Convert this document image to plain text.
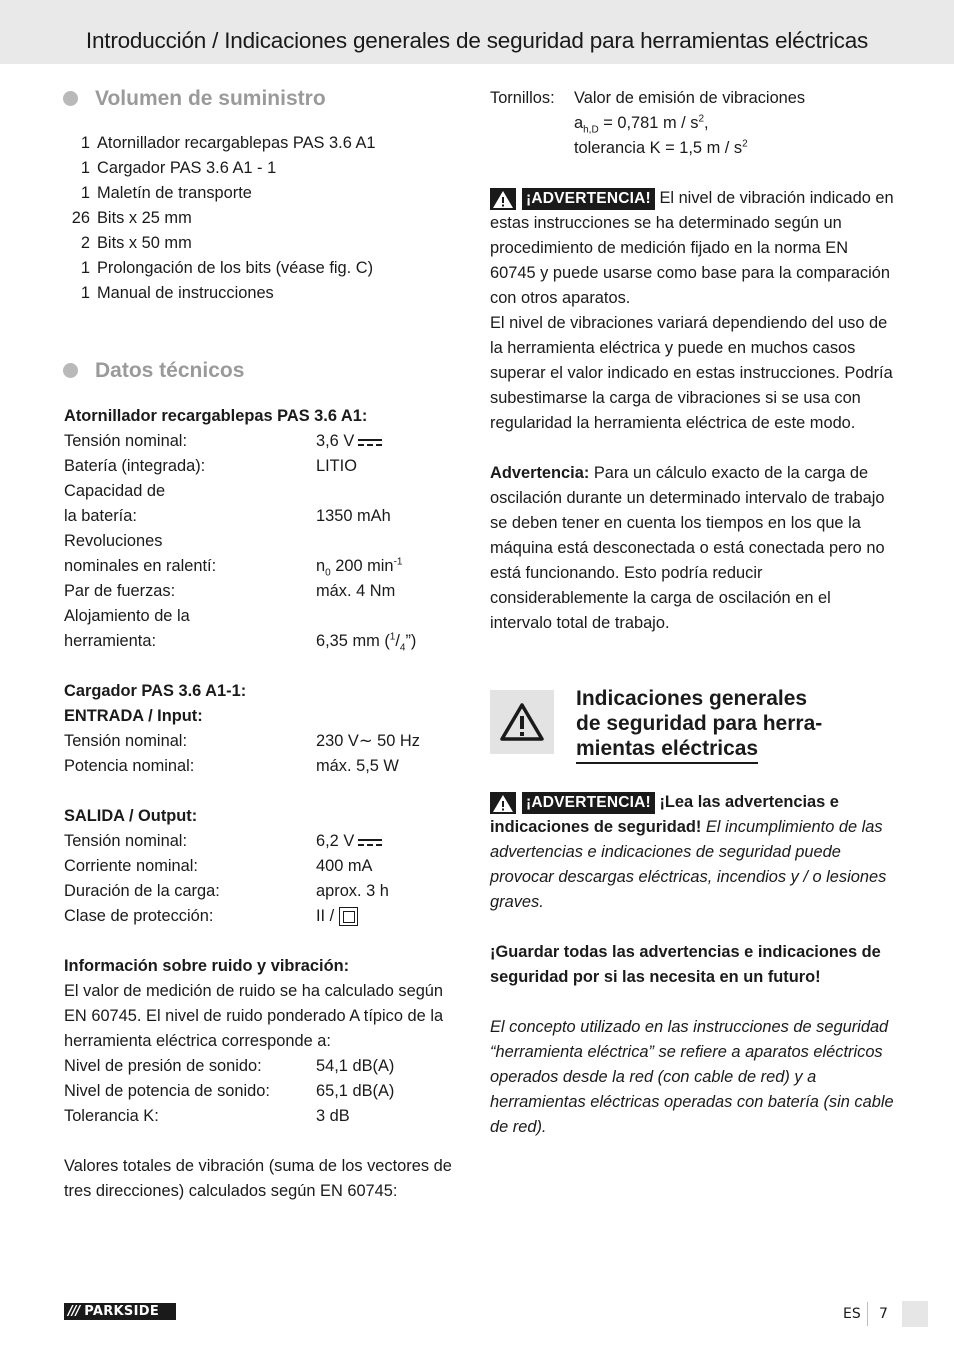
Introducción / Indicaciones generales de seguridad para herramientas eléctricas
Volumen de suministro
1 Atornillador recargablepas PAS 3.6 A1
1 Cargador PAS 3.6 A1 - 1
1 Maletín de transporte
26 Bits x 25 mm
2 Bits x 50 mm
1 Prolongación de los bits (véase fig. C)
1 Manual de instrucciones
Datos técnicos
Atornillador recargablepas PAS 3.6 A1:
Tensión nominal:	3,6 V
Batería (integrada):	LITIO
Capacidad de
la batería:	1350 mAh
Revoluciones
nominales en ralentí:	$n_0$ 200 $\min^{-1}$
Par de fuerzas:	máx. 4 Nm
Alojamiento de la
herramienta:	6,35 mm $(^1/_4”)$
Cargador PAS 3.6 A1-1:
ENTRADA / Input:
Tensión nominal:	230 V∼ 50 Hz
Potencia nominal:	máx. 5,5 W
SALIDA / Output:
Tensión nominal:	6,2 V
Corriente nominal:	400 mA
Duración de la carga:	aprox. 3 h
Clase de protección:	II /
Información sobre ruido y vibración:
El valor de medición de ruido se ha calculado según EN 60745. El nivel de ruido ponderado A típico de la herramienta eléctrica corresponde a:
Nivel de presión de sonido:	54,1 dB(A)
Nivel de potencia de sonido:	65,1 dB(A)
Tolerancia K:	3 dB
Valores totales de vibración (suma de los vectores de tres direcciones) calculados según EN 60745:
Tornillos:	Valor de emisión de vibraciones
$a_{h,D} = 0,781$ m / $s^2$,
tolerancia K = 1,5 m / $s^2$
¡ADVERTENCIA! El nivel de vibración indicado en estas instrucciones se ha determinado según un procedimiento de medición fijado en la norma EN 60745 y puede usarse como base para la comparación con otros aparatos.
El nivel de vibraciones variará dependiendo del uso de la herramienta eléctrica y puede en muchos casos superar el valor indicado en estas instrucciones. Podría subestimarse la carga de vibraciones si se usa con regularidad la herramienta eléctrica de este modo.
Advertencia: Para un cálculo exacto de la carga de oscilación durante un determinado intervalo de trabajo se deben tener en cuenta los tiempos en los que la máquina está desconectada o está conectada pero no está funcionando. Esto podría reducir considerablemente la carga de oscilación en el intervalo total de trabajo.
Indicaciones generales
de seguridad para herra-
mientas eléctricas
¡ADVERTENCIA! ¡Lea las advertencias e indicaciones de seguridad! El incumplimiento de las advertencias e indicaciones de seguridad puede provocar descargas eléctricas, incendios y / o lesiones graves.
¡Guardar todas las advertencias e indicaciones de seguridad por si las necesita en un futuro!
El concepto utilizado en las instrucciones de seguridad “herramienta eléctrica” se refiere a aparatos eléctricos operados desde la red (con cable de red) y a herramientas eléctricas operadas con batería (sin cable de red).
/// PARKSIDE	ES 7
